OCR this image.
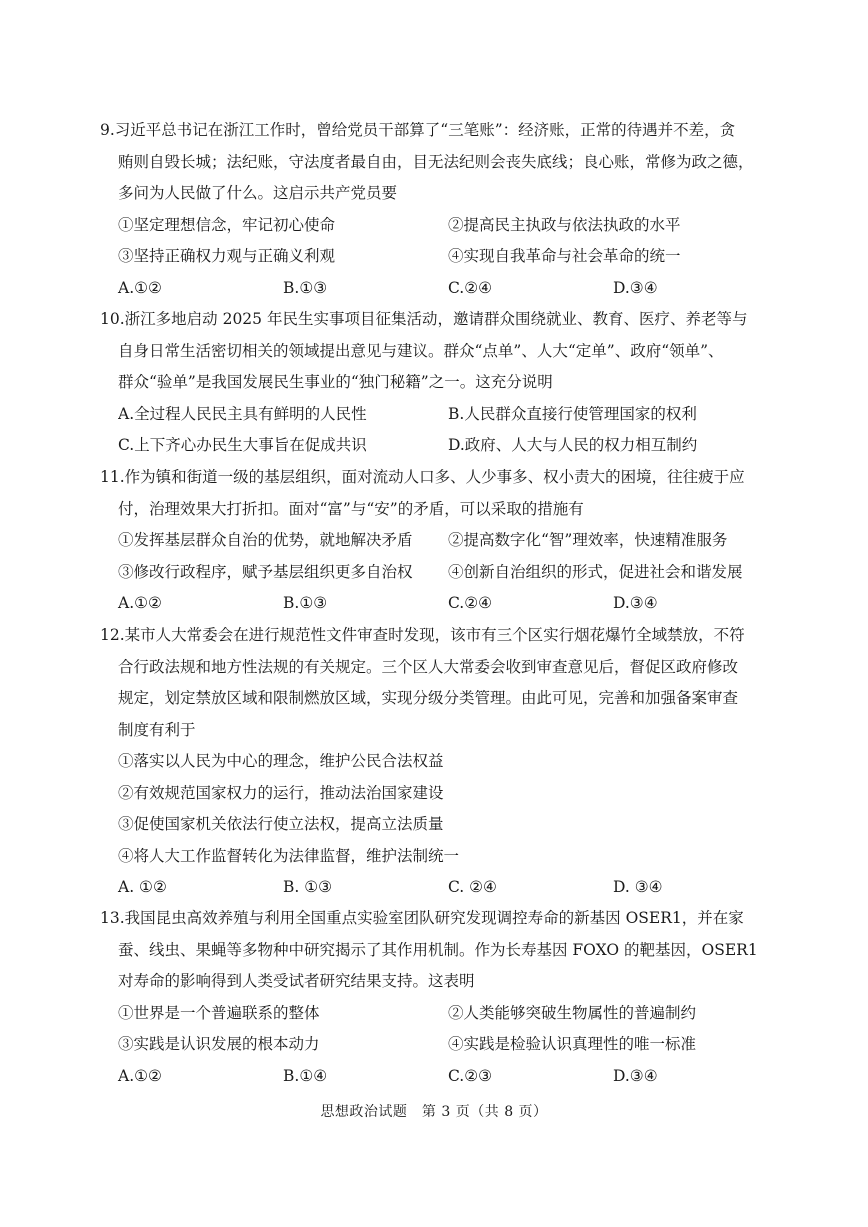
9.习近平总书记在浙江工作时，曾给党员干部算了“三笔账”：经济账，正常的待遇并不差，贪
贿则自毁长城；法纪账，守法度者最自由，目无法纪则会丧失底线；良心账，常修为政之德，
多问为人民做了什么。这启示共产党员要
①坚定理想信念，牢记初心使命	②提高民主执政与依法执政的水平
③坚持正确权力观与正确义利观	④实现自我革命与社会革命的统一
A.①②	B.①③	C.②④	D.③④
10.浙江多地启动 2025 年民生实事项目征集活动，邀请群众围绕就业、教育、医疗、养老等与
自身日常生活密切相关的领域提出意见与建议。群众“点单”、人大“定单”、政府“领单”、
群众“验单”是我国发展民生事业的“独门秘籍”之一。这充分说明
A.全过程人民民主具有鲜明的人民性	B.人民群众直接行使管理国家的权利
C.上下齐心办民生大事旨在促成共识	D.政府、人大与人民的权力相互制约
11.作为镇和街道一级的基层组织，面对流动人口多、人少事多、权小责大的困境，往往疲于应
付，治理效果大打折扣。面对“富”与“安”的矛盾，可以采取的措施有
①发挥基层群众自治的优势，就地解决矛盾	②提高数字化“智”理效率，快速精准服务
③修改行政程序，赋予基层组织更多自治权	④创新自治组织的形式，促进社会和谐发展
A.①②	B.①③	C.②④	D.③④
12.某市人大常委会在进行规范性文件审查时发现，该市有三个区实行烟花爆竹全域禁放，不符
合行政法规和地方性法规的有关规定。三个区人大常委会收到审查意见后，督促区政府修改
规定，划定禁放区域和限制燃放区域，实现分级分类管理。由此可见，完善和加强备案审查
制度有利于
①落实以人民为中心的理念，维护公民合法权益
②有效规范国家权力的运行，推动法治国家建设
③促使国家机关依法行使立法权，提高立法质量
④将人大工作监督转化为法律监督，维护法制统一
A. ①②	B. ①③	C. ②④	D. ③④
13.我国昆虫高效养殖与利用全国重点实验室团队研究发现调控寿命的新基因 OSER1，并在家
蚕、线虫、果蝇等多物种中研究揭示了其作用机制。作为长寿基因 FOXO 的靶基因，OSER1
对寿命的影响得到人类受试者研究结果支持。这表明
①世界是一个普遍联系的整体	②人类能够突破生物属性的普遍制约
③实践是认识发展的根本动力	④实践是检验认识真理性的唯一标准
A.①②	B.①④	C.②③	D.③④
思想政治试题　第 3 页（共 8 页）
